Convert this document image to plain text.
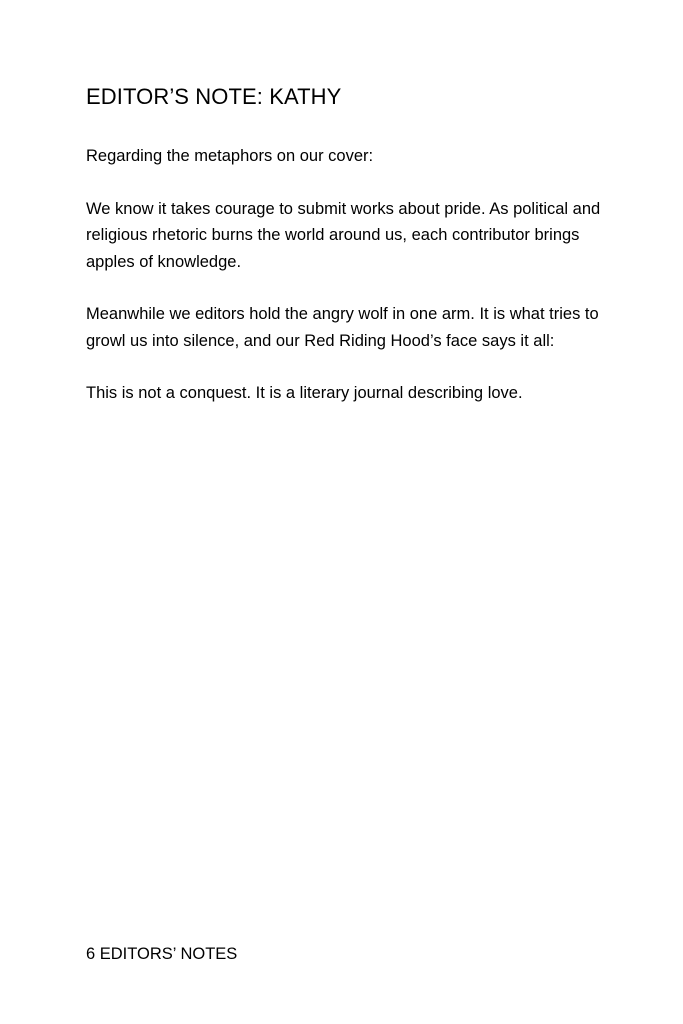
EDITOR’S NOTE: KATHY

Regarding the metaphors on our cover:

We know it takes courage to submit works about pride. As political and religious rhetoric burns the world around us, each contributor brings apples of knowledge.

Meanwhile we editors hold the angry wolf in one arm. It is what tries to growl us into silence, and our Red Riding Hood’s face says it all:

This is not a conquest. It is a literary journal describing love.

6 EDITORS’ NOTES
